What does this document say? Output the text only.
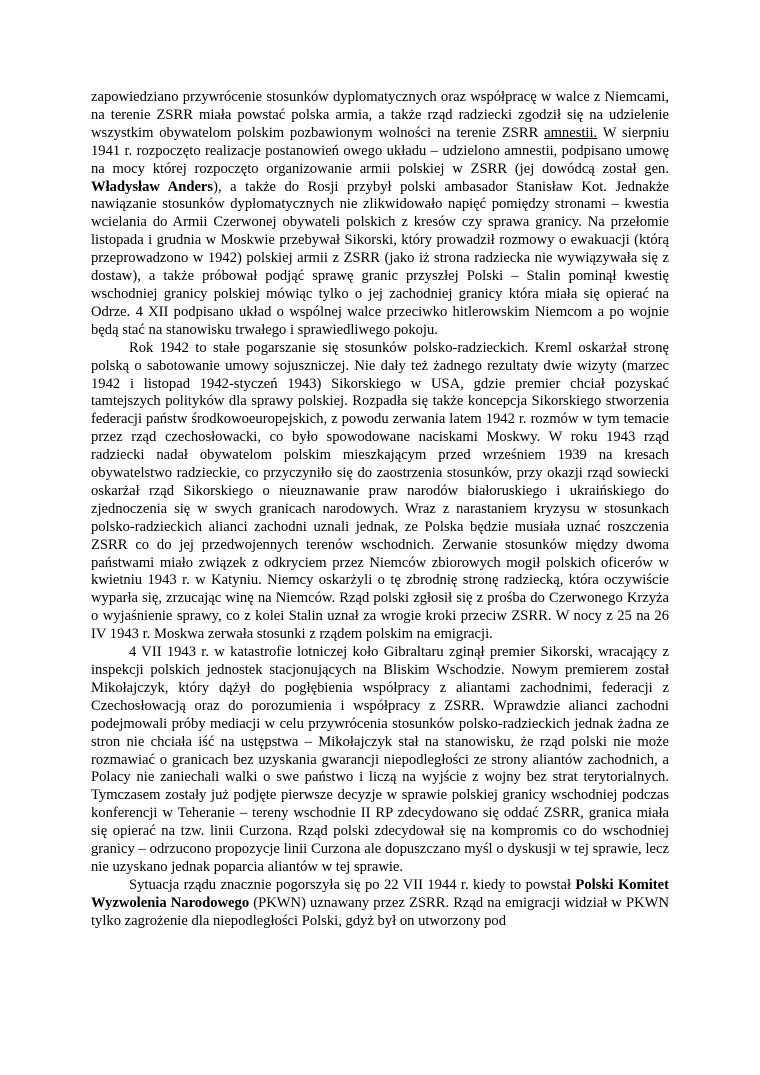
zapowiedziano przywrócenie stosunków dyplomatycznych oraz współpracę w walce z Niemcami, na terenie ZSRR miała powstać polska armia, a także rząd radziecki zgodził się na udzielenie wszystkim obywatelom polskim pozbawionym wolności na terenie ZSRR amnestii. W sierpniu 1941 r. rozpoczęto realizacje postanowień owego układu – udzielono amnestii, podpisano umowę na mocy której rozpoczęto organizowanie armii polskiej w ZSRR (jej dowódcą został gen. Władysław Anders), a także do Rosji przybył polski ambasador Stanisław Kot. Jednakże nawiązanie stosunków dyplomatycznych nie zlikwidowało napięć pomiędzy stronami – kwestia wcielania do Armii Czerwonej obywateli polskich z kresów czy sprawa granicy. Na przełomie listopada i grudnia w Moskwie przebywał Sikorski, który prowadził rozmowy o ewakuacji (którą przeprowadzono w 1942) polskiej armii z ZSRR (jako iż strona radziecka nie wywiązywała się z dostaw), a także próbował podjąć sprawę granic przyszłej Polski – Stalin pominął kwestię wschodniej granicy polskiej mówiąc tylko o jej zachodniej granicy która miała się opierać na Odrze. 4 XII podpisano układ o wspólnej walce przeciwko hitlerowskim Niemcom a po wojnie będą stać na stanowisku trwałego i sprawiedliwego pokoju.

Rok 1942 to stałe pogarszanie się stosunków polsko-radzieckich. Kreml oskarżał stronę polską o sabotowanie umowy sojuszniczej. Nie dały też żadnego rezultaty dwie wizyty (marzec 1942 i listopad 1942-styczeń 1943) Sikorskiego w USA, gdzie premier chciał pozyskać tamtejszych polityków dla sprawy polskiej. Rozpadła się także koncepcja Sikorskiego stworzenia federacji państw środkowoeuropejskich, z powodu zerwania latem 1942 r. rozmów w tym temacie przez rząd czechosłowacki, co było spowodowane naciskami Moskwy. W roku 1943 rząd radziecki nadał obywatelom polskim mieszkającym przed wrześniem 1939 na kresach obywatelstwo radzieckie, co przyczyniło się do zaostrzenia stosunków, przy okazji rząd sowiecki oskarżał rząd Sikorskiego o nieuznawanie praw narodów białoruskiego i ukraińskiego do zjednoczenia się w swych granicach narodowych. Wraz z narastaniem kryzysu w stosunkach polsko-radzieckich alianci zachodni uznali jednak, ze Polska będzie musiała uznać roszczenia ZSRR co do jej przedwojennych terenów wschodnich. Zerwanie stosunków między dwoma państwami miało związek z odkryciem przez Niemców zbiorowych mogił polskich oficerów w kwietniu 1943 r. w Katyniu. Niemcy oskarżyli o tę zbrodnię stronę radziecką, która oczywiście wyparła się, zrzucając winę na Niemców. Rząd polski zgłosił się z prośba do Czerwonego Krzyża o wyjaśnienie sprawy, co z kolei Stalin uznał za wrogie kroki przeciw ZSRR. W nocy z 25 na 26 IV 1943 r. Moskwa zerwała stosunki z rządem polskim na emigracji.

4 VII 1943 r. w katastrofie lotniczej koło Gibraltaru zginął premier Sikorski, wracający z inspekcji polskich jednostek stacjonujących na Bliskim Wschodzie. Nowym premierem został Mikołajczyk, który dążył do pogłębienia współpracy z aliantami zachodnimi, federacji z Czechosłowacją oraz do porozumienia i współpracy z ZSRR. Wprawdzie alianci zachodni podejmowali próby mediacji w celu przywrócenia stosunków polsko-radzieckich jednak żadna ze stron nie chciała iść na ustępstwa – Mikołajczyk stał na stanowisku, że rząd polski nie może rozmawiać o granicach bez uzyskania gwarancji niepodległości ze strony aliantów zachodnich, a Polacy nie zaniechali walki o swe państwo i liczą na wyjście z wojny bez strat terytorialnych. Tymczasem zostały już podjęte pierwsze decyzje w sprawie polskiej granicy wschodniej podczas konferencji w Teheranie – tereny wschodnie II RP zdecydowano się oddać ZSRR, granica miała się opierać na tzw. linii Curzona. Rząd polski zdecydował się na kompromis co do wschodniej granicy – odrzucono propozycje linii Curzona ale dopuszczano myśl o dyskusji w tej sprawie, lecz nie uzyskano jednak poparcia aliantów w tej sprawie.

Sytuacja rządu znacznie pogorszyła się po 22 VII 1944 r. kiedy to powstał Polski Komitet Wyzwolenia Narodowego (PKWN) uznawany przez ZSRR. Rząd na emigracji widział w PKWN tylko zagrożenie dla niepodległości Polski, gdyż był on utworzony pod
